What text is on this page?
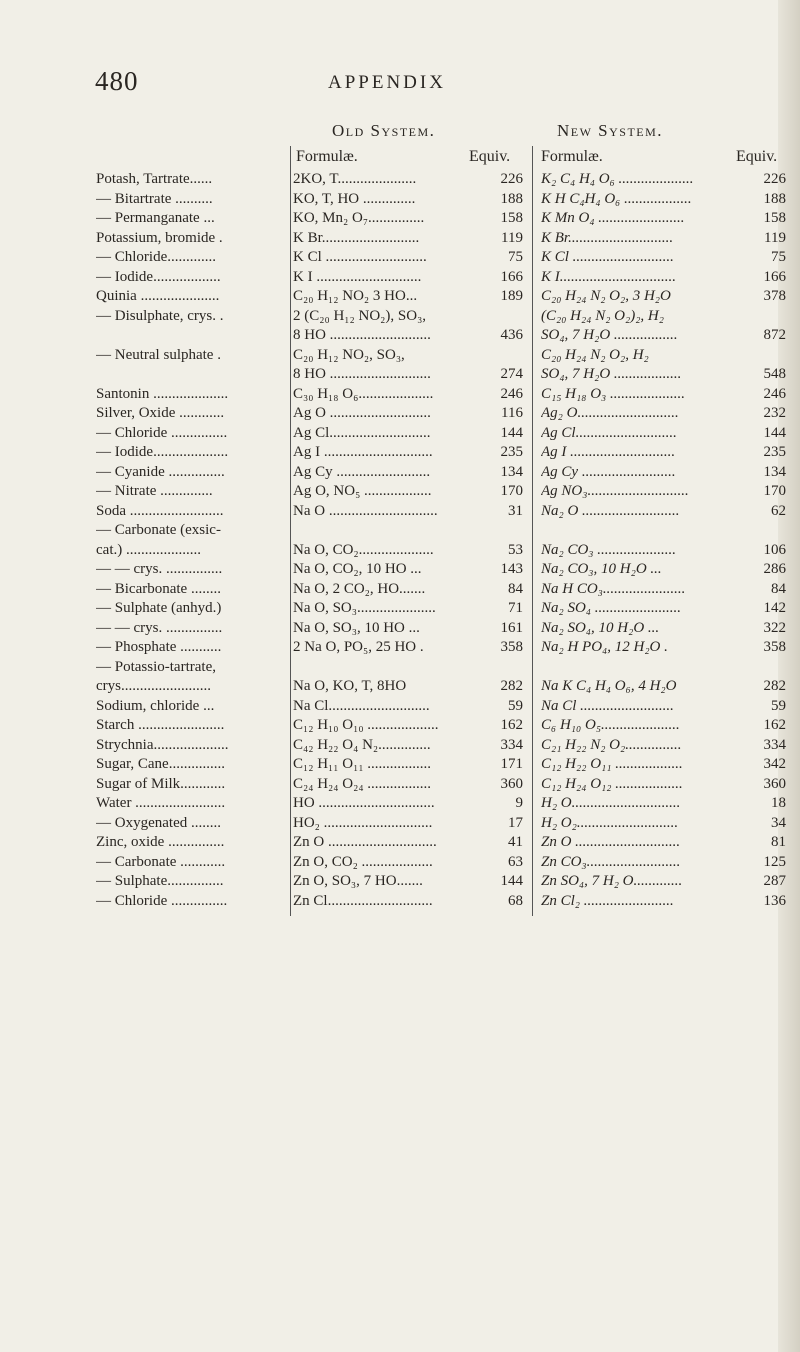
480	APPENDIX
Old System.	New System.
Formulæ.	Equiv. Formulæ.	Equiv.
Potash, Tartrate......	2KO, T.....................	226 K₂ C₄ H₄ O₆ ....................	226
— Bitartrate ..........	KO, T, HO ..............	188 K H C₄H₄ O₆ ..................	188
— Permanganate ...	KO, Mn₂ O₇...............	158 K Mn O₄ .......................	158
Potassium, bromide .	K Br..........................	119 K Br............................	119
— Chloride.............	K Cl ...........................	75 K Cl ...........................	75
— Iodide..................	K I ............................	166 K I...............................	166
Quinia .....................	C₂₀ H₁₂ NO₂ 3 HO...	189 C₂₀ H₂₄ N₂ O₂, 3 H₂O	378
— Disulphate, crys. .	2 (C₂₀ H₁₂ NO₂), SO₃,	(C₂₀ H₂₄ N₂ O₂)₂, H₂
8 HO ...........................	436 SO₄, 7 H₂O .................	872
— Neutral sulphate .	C₂₀ H₁₂ NO₂, SO₃,	C₂₀ H₂₄ N₂ O₂, H₂
8 HO ...........................	274 SO₄, 7 H₂O ..................	548
Santonin ....................	C₃₀ H₁₈ O₆....................	246 C₁₅ H₁₈ O₃ ....................	246
Silver, Oxide ............	Ag O ...........................	116 Ag₂ O...........................	232
— Chloride ...............	Ag Cl...........................	144 Ag Cl...........................	144
— Iodide....................	Ag I .............................	235 Ag I ............................	235
— Cyanide ...............	Ag Cy .........................	134 Ag Cy .........................	134
— Nitrate ..............	Ag O, NO₅ ..................	170 Ag NO₃...........................	170
Soda .........................	Na O .............................	31 Na₂ O ..........................	62
— Carbonate (exsic-
cat.) ....................	Na O, CO₂....................	53 Na₂ CO₃ .....................	106
— — crys. ...............	Na O, CO₂, 10 HO ...	143 Na₂ CO₃, 10 H₂O ...	286
— Bicarbonate ........	Na O, 2 CO₂, HO.......	84 Na H CO₃......................	84
— Sulphate (anhyd.)	Na O, SO₃.....................	71 Na₂ SO₄ .......................	142
— — crys. ...............	Na O, SO₃, 10 HO ...	161 Na₂ SO₄, 10 H₂O ...	322
— Phosphate ...........	2 Na O, PO₅, 25 HO .	358 Na₂ H PO₄, 12 H₂O .	358
— Potassio-tartrate,
crys........................	Na O, KO, T, 8HO	282 Na K C₄ H₄ O₆, 4 H₂O	282
Sodium, chloride ...	Na Cl...........................	59 Na Cl .........................	59
Starch .......................	C₁₂ H₁₀ O₁₀ ...................	162 C₆ H₁₀ O₅.....................	162
Strychnia....................	C₄₂ H₂₂ O₄ N₂..............	334 C₂₁ H₂₂ N₂ O₂...............	334
Sugar, Cane...............	C₁₂ H₁₁ O₁₁ .................	171 C₁₂ H₂₂ O₁₁ ..................	342
Sugar of Milk............	C₂₄ H₂₄ O₂₄ .................	360 C₁₂ H₂₄ O₁₂ ..................	360
Water ........................	HO ...............................	9 H₂ O.............................	18
— Oxygenated ........	HO₂ .............................	17 H₂ O₂...........................	34
Zinc, oxide ...............	Zn O .............................	41 Zn O ............................	81
— Carbonate ............	Zn O, CO₂ ...................	63 Zn CO₃.........................	125
— Sulphate...............	Zn O, SO₃, 7 HO.......	144 Zn SO₄, 7 H₂ O.............	287
— Chloride ...............	Zn Cl............................	68 Zn Cl₂ ........................	136
